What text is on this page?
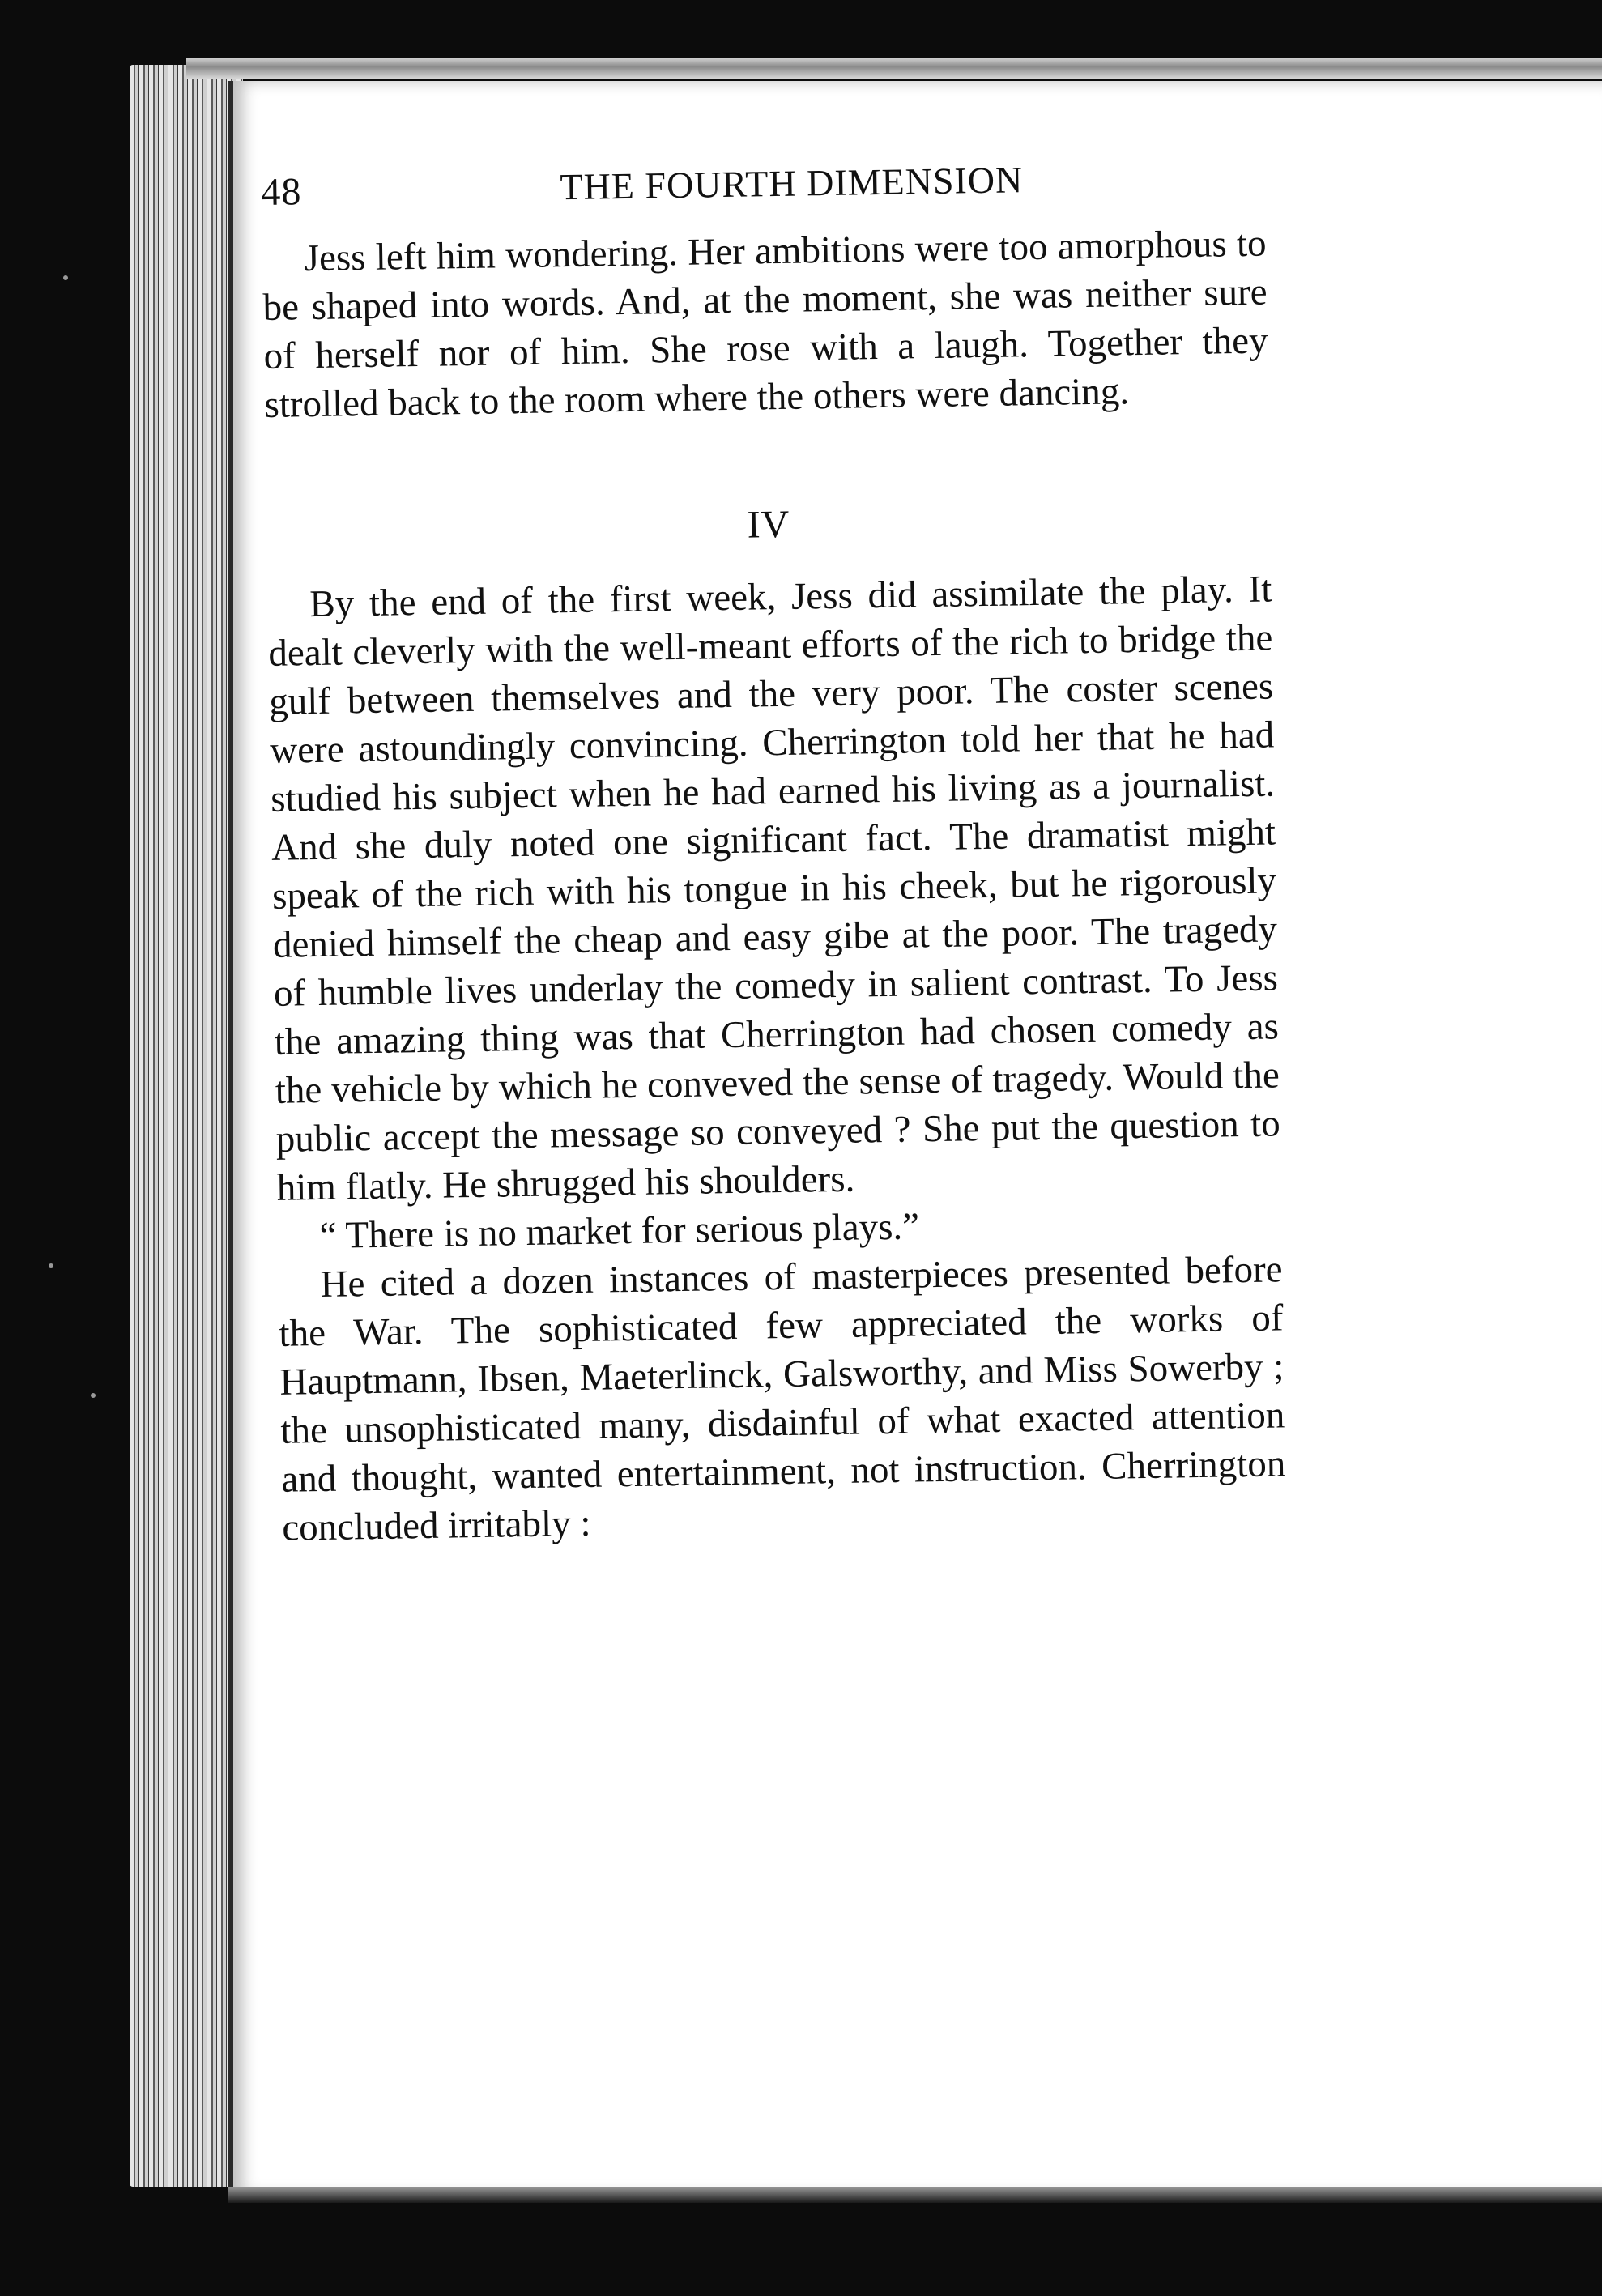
48	THE FOURTH DIMENSION

Jess left him wondering. Her ambitions were too amorphous to be shaped into words. And, at the moment, she was neither sure of herself nor of him. She rose with a laugh. Together they strolled back to the room where the others were dancing.

IV

By the end of the first week, Jess did assimilate the play. It dealt cleverly with the well-meant efforts of the rich to bridge the gulf between themselves and the very poor. The coster scenes were astoundingly convincing. Cherrington told her that he had studied his subject when he had earned his living as a journalist. And she duly noted one significant fact. The dramatist might speak of the rich with his tongue in his cheek, but he rigorously denied himself the cheap and easy gibe at the poor. The tragedy of humble lives underlay the comedy in salient contrast. To Jess the amazing thing was that Cherrington had chosen comedy as the vehicle by which he conveved the sense of tragedy. Would the public accept the message so conveyed ? She put the question to him flatly. He shrugged his shoulders.

“ There is no market for serious plays.”

He cited a dozen instances of masterpieces presented before the War. The sophisticated few appreciated the works of Hauptmann, Ibsen, Maeterlinck, Galsworthy, and Miss Sowerby ; the unsophisticated many, disdainful of what exacted attention and thought, wanted entertainment, not instruction. Cherrington concluded irritably :
